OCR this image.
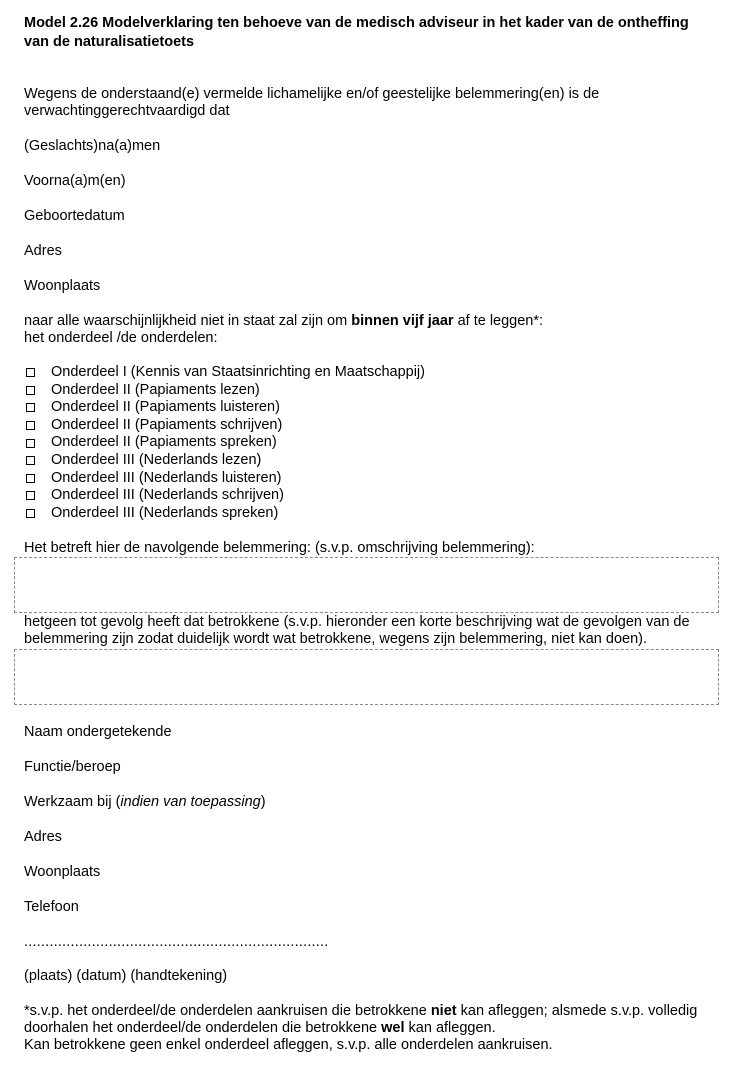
Model 2.26 Modelverklaring ten behoeve van de medisch adviseur in het kader van de ontheffing van de naturalisatietoets
Wegens de onderstaand(e) vermelde lichamelijke en/of geestelijke belemmering(en) is de verwachtinggerechtvaardigd dat
(Geslachts)na(a)men
Voorna(a)m(en)
Geboortedatum
Adres
Woonplaats
naar alle waarschijnlijkheid niet in staat zal zijn om binnen vijf jaar af te leggen*:
het onderdeel /de onderdelen:
Onderdeel I (Kennis van Staatsinrichting en Maatschappij)
Onderdeel II (Papiaments lezen)
Onderdeel II (Papiaments luisteren)
Onderdeel II (Papiaments schrijven)
Onderdeel II (Papiaments spreken)
Onderdeel III (Nederlands lezen)
Onderdeel III (Nederlands luisteren)
Onderdeel III (Nederlands schrijven)
Onderdeel III (Nederlands spreken)
Het betreft hier de navolgende belemmering: (s.v.p. omschrijving belemmering):
hetgeen tot gevolg heeft dat betrokkene (s.v.p. hieronder een korte beschrijving wat de gevolgen van de belemmering zijn zodat duidelijk wordt wat betrokkene, wegens zijn belemmering, niet kan doen).
Naam ondergetekende
Functie/beroep
Werkzaam bij (indien van toepassing)
Adres
Woonplaats
Telefoon
........................................................................
(plaats) (datum) (handtekening)
*s.v.p. het onderdeel/de onderdelen aankruisen die betrokkene niet kan afleggen; alsmede s.v.p. volledig doorhalen het onderdeel/de onderdelen die betrokkene wel kan afleggen.
Kan betrokkene geen enkel onderdeel afleggen, s.v.p. alle onderdelen aankruisen.
